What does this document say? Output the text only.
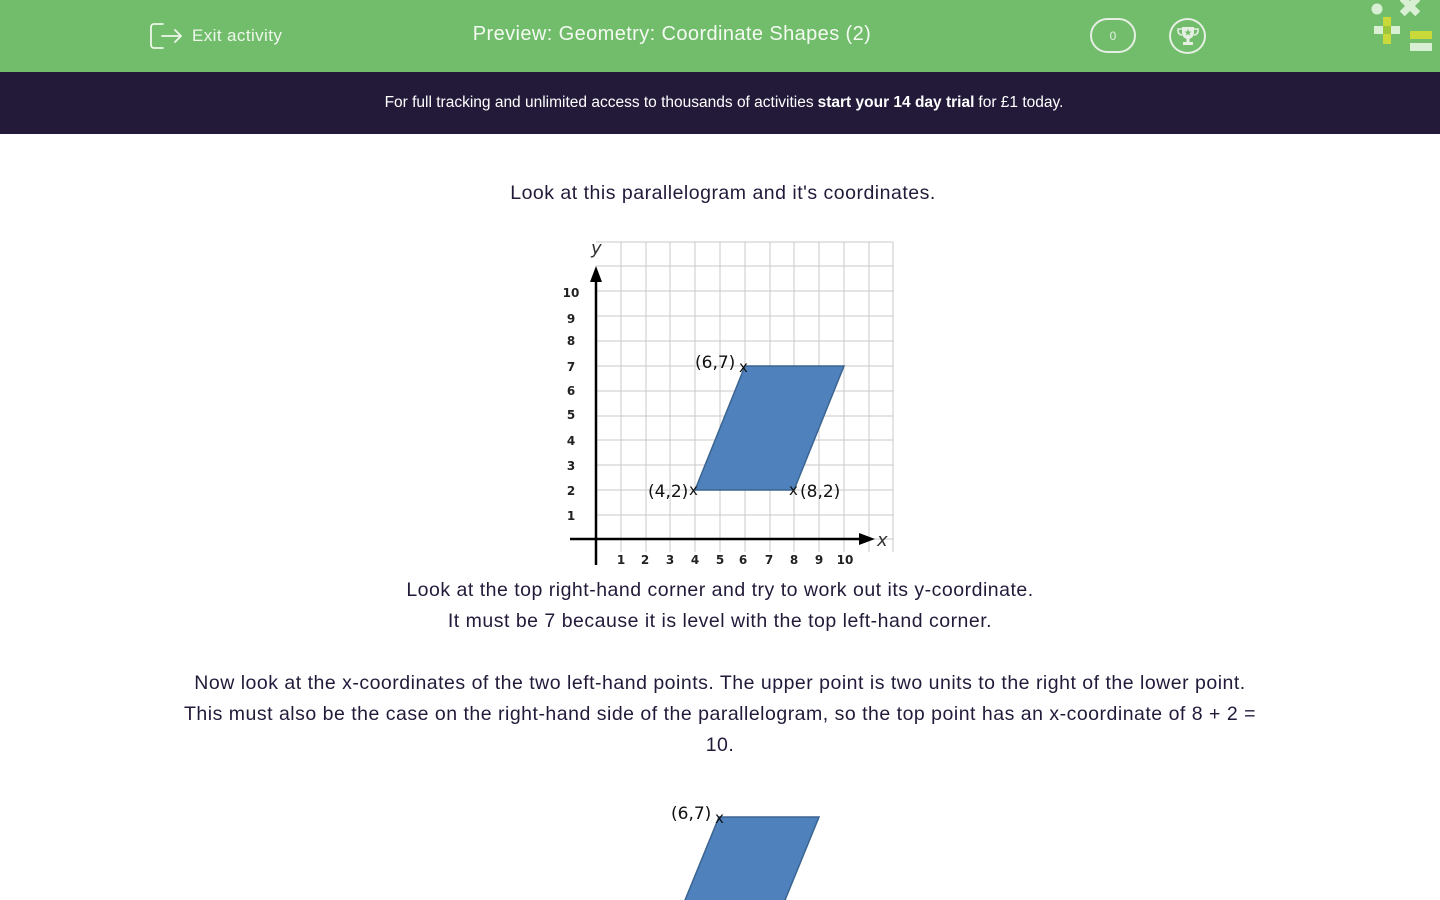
Exit activity	Preview: Geometry: Coordinate Shapes (2)	0
For full tracking and unlimited access to thousands of activities start your 14 day trial for £1 today.
Look at this parallelogram and it's coordinates.
y
x
10
9
8
7
6
5
4
3
2
1
1 2 3 4 5 6 7 8 9 10
(6,7) x
(4,2) x	x (8,2)
Look at the top right-hand corner and try to work out its y-coordinate.
It must be 7 because it is level with the top left-hand corner.
Now look at the x-coordinates of the two left-hand points. The upper point is two units to the right of the lower point.
This must also be the case on the right-hand side of the parallelogram, so the top point has an x-coordinate of 8 + 2 =
10.
(6,7) x
